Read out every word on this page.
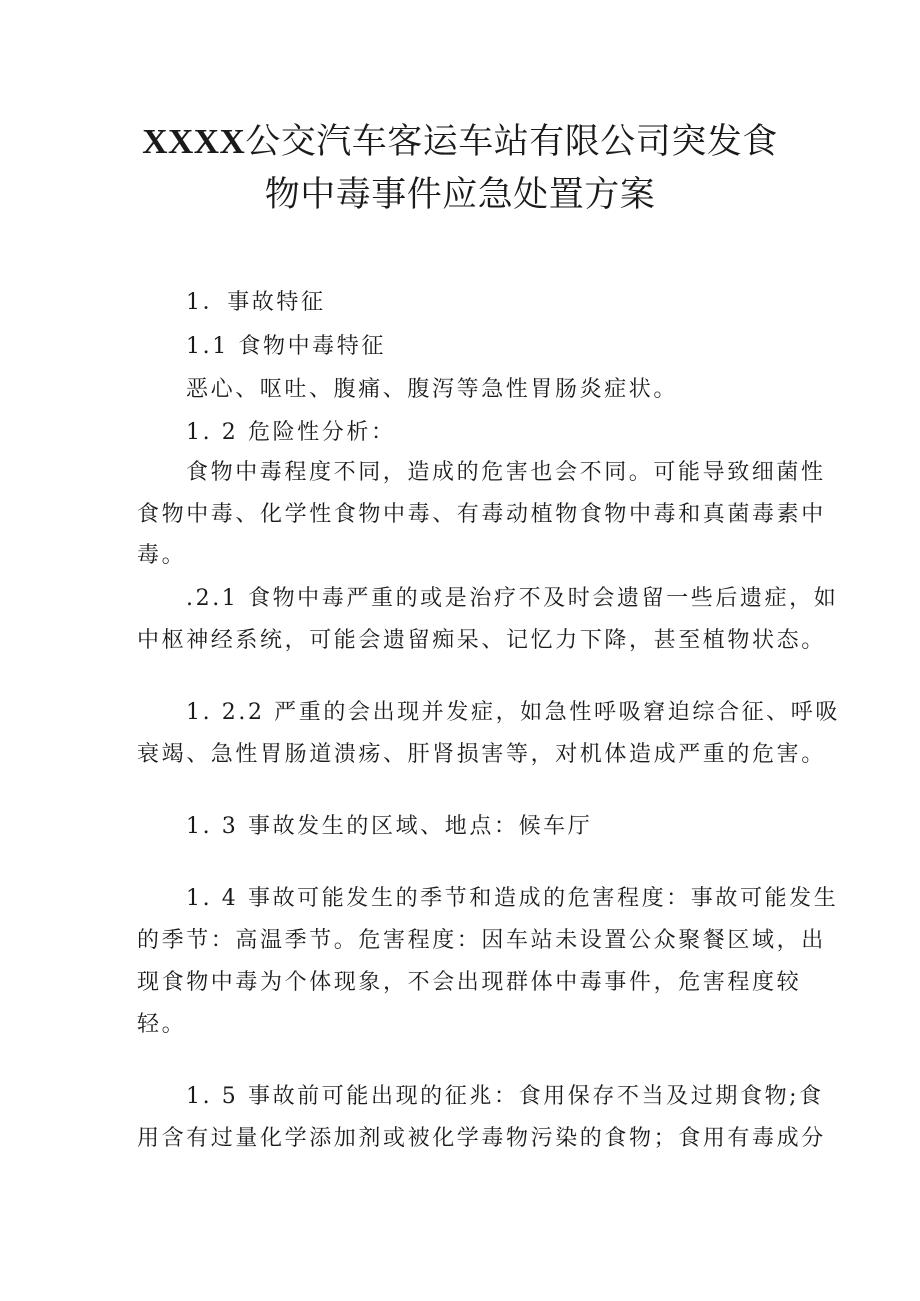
XXXX公交汽车客运车站有限公司突发食
物中毒事件应急处置方案
1．事故特征
1.1 食物中毒特征
恶心、呕吐、腹痛、腹泻等急性胃肠炎症状。
1. 2 危险性分析：
食物中毒程度不同，造成的危害也会不同。可能导致细菌性
食物中毒、化学性食物中毒、有毒动植物食物中毒和真菌毒素中
毒。
.2.1 食物中毒严重的或是治疗不及时会遗留一些后遗症，如
中枢神经系统，可能会遗留痴呆、记忆力下降，甚至植物状态。
1. 2.2 严重的会出现并发症，如急性呼吸窘迫综合征、呼吸
衰竭、急性胃肠道溃疡、肝肾损害等，对机体造成严重的危害。
1. 3 事故发生的区域、地点：候车厅
1. 4 事故可能发生的季节和造成的危害程度：事故可能发生
的季节：高温季节。危害程度：因车站未设置公众聚餐区域，出
现食物中毒为个体现象，不会出现群体中毒事件，危害程度较
轻。
1. 5 事故前可能出现的征兆：食用保存不当及过期食物;食
用含有过量化学添加剂或被化学毒物污染的食物；食用有毒成分
